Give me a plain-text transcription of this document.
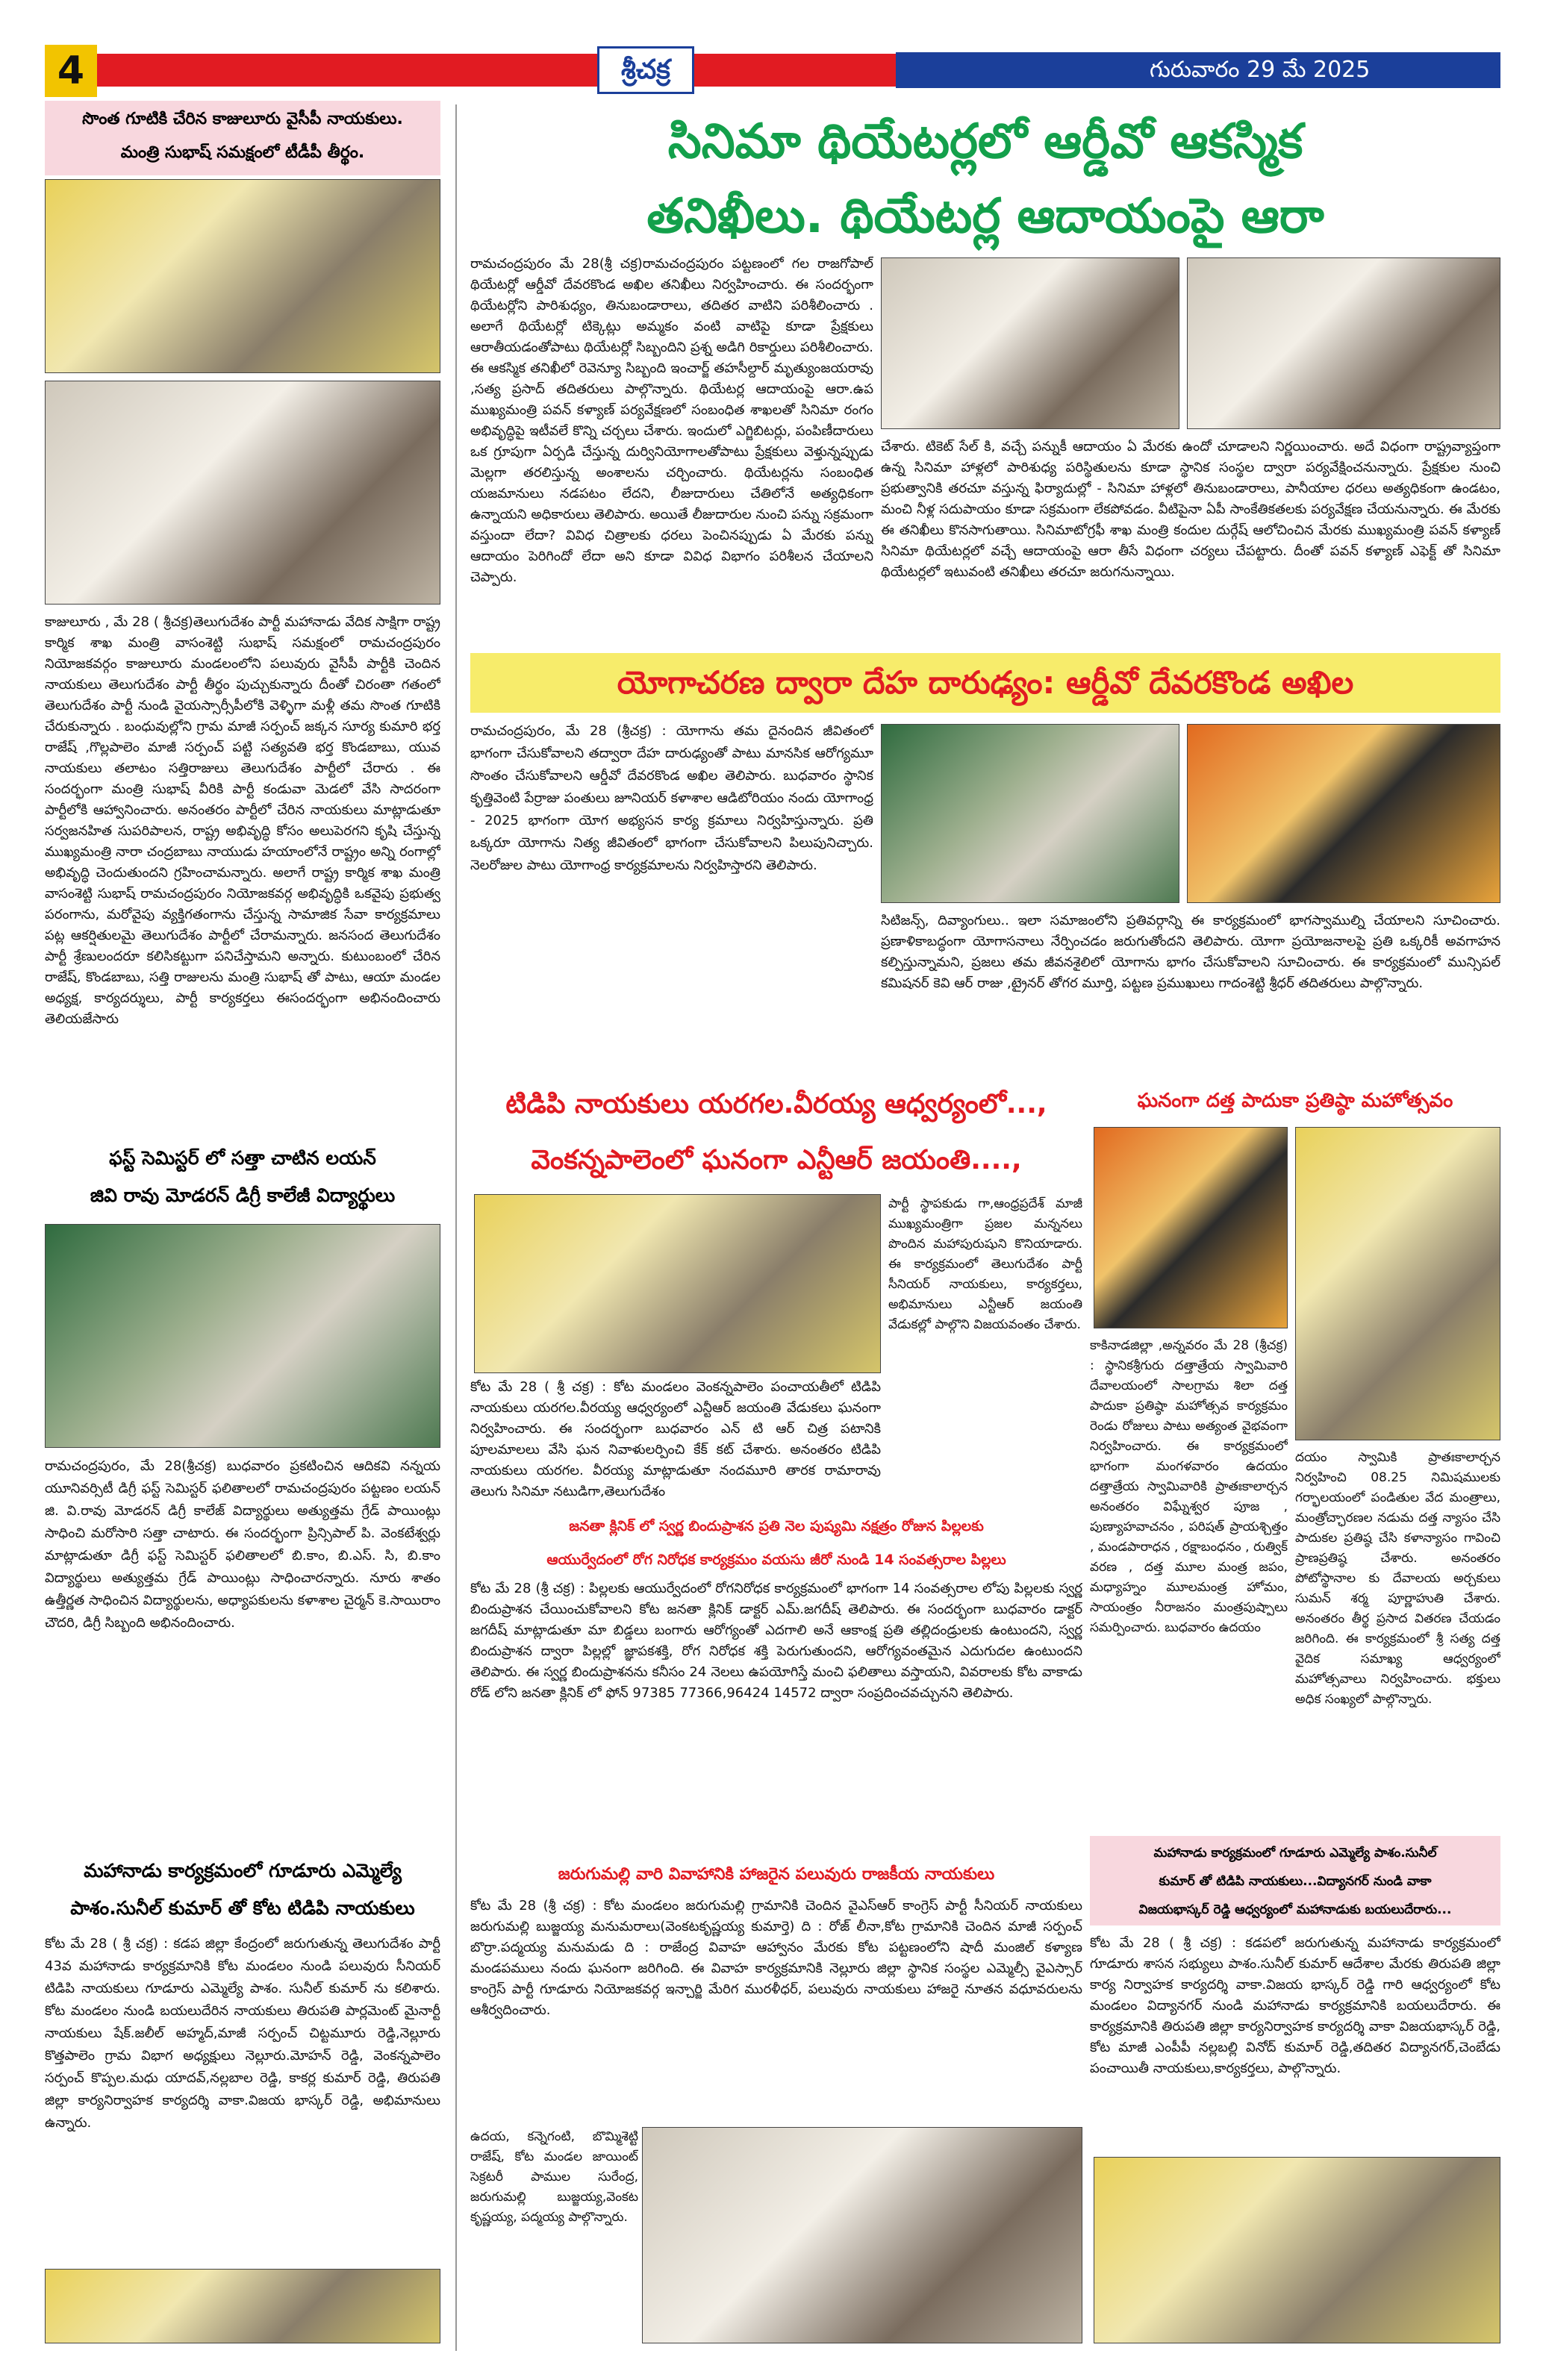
4	శ్రీచక్ర	గురువారం 29 మే 2025
సొంత గూటికి చేరిన కాజులూరు వైసీపీ నాయకులు.
మంత్రి సుభాష్ సమక్షంలో టీడీపీ తీర్థం.
కాజులూరు , మే 28 ( శ్రీచక్ర)తెలుగుదేశం పార్టీ మహానాడు వేదిక సాక్షిగా రాష్ట్ర కార్మిక శాఖ మంత్రి వాసంశెట్టి సుభాష్ సమక్షంలో రామచంద్రపురం నియోజకవర్గం కాజులూరు మండలంలోని పలువురు వైసీపీ పార్టీకి చెందిన నాయకులు తెలుగుదేశం పార్టీ తీర్థం పుచ్చుకున్నారు దీంతో చిరంతా గతంలో తెలుగుదేశం పార్టీ నుండి వైయస్సార్సీపీలోకి వెళ్ళిగా మళ్లీ తమ సొంత గూటికి చేరుకున్నారు . బంధువుల్లోని గ్రామ మాజీ సర్పంచ్ జక్కన సూర్య కుమారి భర్త రాజేష్ ,గొల్లపాలెం మాజీ సర్పంచ్ పట్టి సత్యవతి భర్త కొండబాబు, యువ నాయకులు తలాటం సత్తిరాజులు తెలుగుదేశం పార్టీలో చేరారు . ఈ సందర్భంగా మంత్రి సుభాష్ వీరికి పార్టీ కండువా మెడలో వేసి సాదరంగా పార్టీలోకి ఆహ్వానించారు. అనంతరం పార్టీలో చేరిన నాయకులు మాట్లాడుతూ సర్వజనహిత సుపరిపాలన, రాష్ట్ర అభివృద్ధి కోసం అలుపెరగని కృషి చేస్తున్న ముఖ్యమంత్రి నారా చంద్రబాబు నాయుడు హయాంలోనే రాష్ట్రం అన్ని రంగాల్లో అభివృద్ధి చెందుతుందని గ్రహించామన్నారు. అలాగే రాష్ట్ర కార్మిక శాఖ మంత్రి వాసంశెట్టి సుభాష్ రామచంద్రపురం నియోజకవర్గ అభివృద్ధికి ఒకవైపు ప్రభుత్వ పరంగాను, మరోవైపు వ్యక్తిగతంగాను చేస్తున్న సామాజిక సేవా కార్యక్రమాలు పట్ల ఆకర్షితులమై తెలుగుదేశం పార్టీలో చేరామన్నారు. జనసంద తెలుగుదేశం పార్టీ శ్రేణులందరూ కలిసికట్టుగా పనిచేస్తామని అన్నారు. కుటుంబంలో చేరిన రాజేష్, కొండబాబు, సత్తి రాజులను మంత్రి సుభాష్ తో పాటు, ఆయా మండల అధ్యక్ష, కార్యదర్శులు, పార్టీ కార్యకర్తలు ఈసందర్భంగా అభినందించారు తెలియజేసారు
ఫస్ట్ సెమిస్టర్ లో సత్తా చాటిన లయన్
జివి రావు మోడరన్ డిగ్రీ కాలేజీ విద్యార్థులు
రామచంద్రపురం, మే 28(శ్రీచక్ర) బుధవారం ప్రకటించిన ఆదికవి నన్నయ యూనివర్సిటీ డిగ్రీ ఫస్ట్ సెమిస్టర్ ఫలితాలలో రామచంద్రపురం పట్టణం లయన్ జి. వి.రావు మోడరన్ డిగ్రీ కాలేజ్ విద్యార్థులు అత్యుత్తమ గ్రేడ్ పాయింట్లు సాధించి మరోసారి సత్తా చాటారు. ఈ సందర్భంగా ప్రిన్సిపాల్ పి. వెంకటేశ్వర్లు మాట్లాడుతూ డిగ్రీ ఫస్ట్ సెమిస్టర్ ఫలితాలలో బి.కాం, బి.ఎస్. సి, బి.కాం విద్యార్థులు అత్యుత్తమ గ్రేడ్ పాయింట్లు సాధించారన్నారు. నూరు శాతం ఉత్తీర్ణత సాధించిన విద్యార్థులను, అధ్యాపకులను కళాశాల చైర్మన్ కె.సాయిరాం చౌదరి, డిగ్రీ సిబ్బంది అభినందించారు.
మహానాడు కార్యక్రమంలో గూడూరు ఎమ్మెల్యే
పాశం.సునీల్ కుమార్ తో కోట టిడిపి నాయకులు
కోట మే 28 ( శ్రీ చక్ర) : కడప జిల్లా కేంద్రంలో జరుగుతున్న తెలుగుదేశం పార్టీ 43వ మహానాడు కార్యక్రమానికి కోట మండలం నుండి పలువురు సీనియర్ టిడిపి నాయకులు గూడూరు ఎమ్మెల్యే పాశం. సునీల్ కుమార్ ను కలిశారు. కోట మండలం నుండి బయలుదేరిన నాయకులు తిరుపతి పార్లమెంట్ మైనార్టీ నాయకులు షేక్.జలీల్ అహ్మద్,మాజీ సర్పంచ్ చిట్టమూరు రెడ్డి,నెల్లూరు కొత్తపాలెం గ్రామ విభాగ అధ్యక్షులు నెల్లూరు.మోహన్ రెడ్డి, వెంకన్నపాలెం సర్పంచ్ కొప్పల.మధు యాదవ్,నల్లబాల రెడ్డి, కాకర్ల కుమార్ రెడ్డి, తిరుపతి జిల్లా కార్యనిర్వాహక కార్యదర్శి వాకా.విజయ భాస్కర్ రెడ్డి, అభిమానులు ఉన్నారు.
సినిమా థియేటర్లలో ఆర్డీవో ఆకస్మిక
తనిఖీలు. థియేటర్ల ఆదాయంపై ఆరా
రామచంద్రపురం మే 28(శ్రీ చక్ర)రామచంద్రపురం పట్టణంలో గల రాజగోపాల్ థియేటర్లో ఆర్డీవో దేవరకొండ అఖిల తనిఖీలు నిర్వహించారు. ఈ సందర్భంగా థియేటర్లోని పారిశుధ్యం, తినుబండారాలు, తదితర వాటిని పరిశీలించారు . అలాగే థియేటర్లో టిక్కెట్లు అమ్మకం వంటి వాటిపై కూడా ప్రేక్షకులు ఆరాతీయడంతోపాటు థియేటర్లో సిబ్బందిని ప్రశ్న అడిగి రికార్డులు పరిశీలించారు. ఈ ఆకస్మిక తనిఖీలో రెవెన్యూ సిబ్బంది ఇంచార్జ్ తహసీల్దార్ మృత్యుంజయరావు ,సత్య ప్రసాద్ తదితరులు పాల్గొన్నారు. థియేటర్ల ఆదాయంపై ఆరా.ఉప ముఖ్యమంత్రి పవన్ కళ్యాణ్ పర్యవేక్షణలో సంబంధిత శాఖలతో సినిమా రంగం అభివృద్ధిపై ఇటీవలే కొన్ని చర్చలు చేశారు. ఇందులో ఎగ్జిబిటర్లు, పంపిణీదారులు ఒక గ్రూపుగా ఏర్పడి చేస్తున్న దుర్వినియోగాలతోపాటు ప్రేక్షకులు వెళ్తున్నప్పుడు మెల్లగా తరలిస్తున్న అంశాలను చర్చించారు. థియేటర్లను సంబంధిత యజమానులు నడపటం లేదని, లీజుదారులు చేతిలోనే అత్యధికంగా ఉన్నాయని అధికారులు తెలిపారు. అయితే లీజుదారుల నుంచి పన్ను సక్రమంగా వస్తుందా లేదా? వివిధ చిత్రాలకు ధరలు పెంచినప్పుడు ఏ మేరకు పన్ను ఆదాయం పెరిగిందో లేదా అని కూడా వివిధ విభాగం పరిశీలన చేయాలని చెప్పారు.
చేశారు. టికెట్ సేల్ కి, వచ్చే పన్నుకీ ఆదాయం ఏ మేరకు ఉందో చూడాలని నిర్ణయించారు. అదే విధంగా రాష్ట్రవ్యాప్తంగా ఉన్న సినిమా హాళ్లలో పారిశుధ్య పరిస్థితులను కూడా స్థానిక సంస్థల ద్వారా పర్యవేక్షించనున్నారు. ప్రేక్షకుల నుంచి ప్రభుత్వానికి తరచూ వస్తున్న ఫిర్యాదుల్లో - సినిమా హాళ్లలో తినుబండారాలు, పానీయాల ధరలు అత్యధికంగా ఉండటం, మంచి నీళ్ల సదుపాయం కూడా సక్రమంగా లేకపోవడం. వీటిపైనా ఏపీ సాంకేతికతలకు పర్యవేక్షణ చేయనున్నారు. ఈ మేరకు ఈ తనిఖీలు కొనసాగుతాయి. సినిమాటోగ్రఫీ శాఖ మంత్రి కందుల దుర్గేష్ ఆలోచించిన మేరకు ముఖ్యమంత్రి పవన్ కళ్యాణ్ సినిమా థియేటర్లలో వచ్చే ఆదాయంపై ఆరా తీసే విధంగా చర్యలు చేపట్టారు. దీంతో పవన్ కళ్యాణ్ ఎఫెక్ట్ తో సినిమా థియేటర్లలో ఇటువంటి తనిఖీలు తరచూ జరుగనున్నాయి.
యోగాచరణ ద్వారా దేహ దారుఢ్యం: ఆర్డీవో దేవరకొండ అఖిల
రామచంద్రపురం, మే 28 (శ్రీచక్ర) : యోగాను తమ దైనందిన జీవితంలో భాగంగా చేసుకోవాలని తద్వారా దేహ దారుఢ్యంతో పాటు మానసిక ఆరోగ్యమూ సొంతం చేసుకోవాలని ఆర్డీవో దేవరకొండ అఖిల తెలిపారు. బుధవారం స్థానిక కృత్తివెంటి పేర్రాజు పంతులు జూనియర్ కళాశాల ఆడిటోరియం నందు యోగాంధ్ర - 2025 భాగంగా యోగ అభ్యసన కార్య క్రమాలు నిర్వహిస్తున్నారు. ప్రతి ఒక్కరూ యోగాను నిత్య జీవితంలో భాగంగా చేసుకోవాలని పిలుపునిచ్చారు. నెలరోజుల పాటు యోగాంధ్ర కార్యక్రమాలను నిర్వహిస్తారని తెలిపారు.
సిటిజన్స్, దివ్యాంగులు.. ఇలా సమాజంలోని ప్రతివర్గాన్ని ఈ కార్యక్రమంలో భాగస్వాముల్ని చేయాలని సూచించారు. ప్రణాళికాబద్ధంగా యోగాసనాలు నేర్పించడం జరుగుతోందని తెలిపారు. యోగా ప్రయోజనాలపై ప్రతి ఒక్కరికీ అవగాహన కల్పిస్తున్నామని, ప్రజలు తమ జీవనశైలిలో యోగాను భాగం చేసుకోవాలని సూచించారు. ఈ కార్యక్రమంలో మున్సిపల్ కమిషనర్ కెవి ఆర్ రాజు ,ట్రైనర్ తోగర మూర్తి, పట్టణ ప్రముఖులు గాదంశెట్టి శ్రీధర్ తదితరులు పాల్గొన్నారు.
టిడిపి నాయకులు యరగల.వీరయ్య ఆధ్వర్యంలో...,
వెంకన్నపాలెంలో ఘనంగా ఎన్టీఆర్ జయంతి....,
పార్టీ స్థాపకుడు గా,ఆంధ్రప్రదేశ్ మాజీ ముఖ్యమంత్రిగా ప్రజల మన్ననలు పొందిన మహాపురుషుని కొనియాడారు. ఈ కార్యక్రమంలో తెలుగుదేశం పార్టీ సీనియర్ నాయకులు, కార్యకర్తలు, అభిమానులు ఎన్టీఆర్ జయంతి వేడుకల్లో పాల్గొని విజయవంతం చేశారు.
కోట మే 28 ( శ్రీ చక్ర) : కోట మండలం వెంకన్నపాలెం పంచాయతీలో టిడిపి నాయకులు యరగల.వీరయ్య ఆధ్వర్యంలో ఎన్టీఆర్ జయంతి వేడుకలు ఘనంగా నిర్వహించారు. ఈ సందర్భంగా బుధవారం ఎన్ టి ఆర్ చిత్ర పటానికి పూలమాలలు వేసి ఘన నివాళులర్పించి కేక్ కట్ చేశారు. అనంతరం టిడిపి నాయకులు యరగల. వీరయ్య మాట్లాడుతూ నందమూరి తారక రామారావు తెలుగు సినిమా నటుడిగా,తెలుగుదేశం
జనతా క్లినిక్ లో స్వర్ణ బిందుప్రాశన ప్రతి నెల పుష్యమి నక్షత్రం రోజున పిల్లలకు
ఆయుర్వేదంలో రోగ నిరోధక కార్యక్రమం వయసు జీరో నుండి 14 సంవత్సరాల పిల్లలు
కోట మే 28 (శ్రీ చక్ర) : పిల్లలకు ఆయుర్వేదంలో రోగనిరోధక కార్యక్రమంలో భాగంగా 14 సంవత్సరాల లోపు పిల్లలకు స్వర్ణ బిందుప్రాశన చేయించుకోవాలని కోట జనతా క్లినిక్ డాక్టర్ ఎమ్.జగదీష్ తెలిపారు. ఈ సందర్భంగా బుధవారం డాక్టర్ జగదీష్ మాట్లాడుతూ మా బిడ్డలు బంగారు ఆరోగ్యంతో ఎదగాలి అనే ఆకాంక్ష ప్రతి తల్లిదండ్రులకు ఉంటుందని, స్వర్ణ బిందుప్రాశన ద్వారా పిల్లల్లో జ్ఞాపకశక్తి, రోగ నిరోధక శక్తి పెరుగుతుందని, ఆరోగ్యవంతమైన ఎదుగుదల ఉంటుందని తెలిపారు. ఈ స్వర్ణ బిందుప్రాశనను కనీసం 24 నెలలు ఉపయోగిస్తే మంచి ఫలితాలు వస్తాయని, వివరాలకు కోట వాకాడు రోడ్ లోని జనతా క్లినిక్ లో ఫోన్ 97385 77366,96424 14572 ద్వారా సంప్రదించవచ్చునని తెలిపారు.
జరుగుమల్లి వారి వివాహానికి హాజరైన పలువురు రాజకీయ నాయకులు
కోట మే 28 (శ్రీ చక్ర) : కోట మండలం జరుగుమల్లి గ్రామానికి చెందిన వైఎస్ఆర్ కాంగ్రెస్ పార్టీ సీనియర్ నాయకులు జరుగుమల్లి బుజ్జయ్య మనుమరాలు(వెంకటకృష్ణయ్య కుమార్తె) ది : రోజ్ లీనా,కోట గ్రామానికి చెందిన మాజీ సర్పంచ్ బొర్రా.పద్మయ్య మనుమడు ది : రాజేంద్ర వివాహ ఆహ్వానం మేరకు కోట పట్టణంలోని షాదీ మంజిల్ కళ్యాణ మండపములు నందు ఘనంగా జరిగింది. ఈ వివాహ కార్యక్రమానికి నెల్లూరు జిల్లా స్థానిక సంస్థల ఎమ్మెల్సీ వైఎస్సార్ కాంగ్రెస్ పార్టీ గూడూరు నియోజకవర్గ ఇన్చార్జి మేరిగ మురళీధర్, పలువురు నాయకులు హాజరై నూతన వధూవరులను ఆశీర్వదించారు.
ఉదయ, కన్నెగంటి, బొమ్మిశెట్టి రాజేష్, కోట మండల జాయింట్ సెక్రటరీ పాముల సురేంద్ర, జరుగుమల్లి బుజ్జయ్య,వెంకట కృష్ణయ్య, పద్మయ్య పాల్గొన్నారు.
ఘనంగా దత్త పాదుకా ప్రతిష్ఠా మహోత్సవం
కాకినాడజిల్లా ,అన్నవరం మే 28 (శ్రీచక్ర) : స్థానికశ్రీగురు దత్తాత్రేయ స్వామివారి దేవాలయంలో సాలగ్రామ శిలా దత్త పాదుకా ప్రతిష్ఠా మహోత్సవ కార్యక్రమం రెండు రోజులు పాటు అత్యంత వైభవంగా నిర్వహించారు. ఈ కార్యక్రమంలో భాగంగా మంగళవారం ఉదయం దత్తాత్రేయ స్వామివారికి ప్రాతఃకాలార్చన అనంతరం విఘ్నేశ్వర పూజ , పుణ్యాహవాచనం , పరిషత్ ప్రాయశ్చిత్తం , మండపారాధన , రక్షాబంధనం , రుత్విక్ వరణ , దత్త మూల మంత్ర జపం, మధ్యాహ్నం మూలమంత్ర హోమం, సాయంత్రం నీరాజనం మంత్రపుష్పాలు సమర్పించారు. బుధవారం ఉదయం
దయం స్వామికి ప్రాతఃకాలార్చన నిర్వహించి 08.25 నిమిషములకు గర్భాలయంలో పండితుల వేద మంత్రాలు, మంత్రోచ్ఛారణల నడుమ దత్త న్యాసం చేసి పాదుకల ప్రతిష్ఠ చేసి కళాన్యాసం గావించి ప్రాణప్రతిష్ఠ చేశారు. అనంతరం పోటోస్థానాల కు దేవాలయ అర్చకులు సుమన్ శర్మ పూర్ణాహుతి చేశారు. అనంతరం తీర్థ ప్రసాద వితరణ చేయడం జరిగింది. ఈ కార్యక్రమంలో శ్రీ సత్య దత్త వైదిక సమాఖ్య ఆధ్వర్యంలో మహోత్సవాలు నిర్వహించారు. భక్తులు అధిక సంఖ్యలో పాల్గొన్నారు.
మహానాడు కార్యక్రమంలో గూడూరు ఎమ్మెల్యే పాశం.సునీల్
కుమార్ తో టిడిపి నాయకులు...విద్యానగర్ నుండి వాకా
విజయభాస్కర్ రెడ్డి ఆధ్వర్యంలో మహానాడుకు బయలుదేరారు...
కోట మే 28 ( శ్రీ చక్ర) : కడపలో జరుగుతున్న మహానాడు కార్యక్రమంలో గూడూరు శాసన సభ్యులు పాశం.సునీల్ కుమార్ ఆదేశాల మేరకు తిరుపతి జిల్లా కార్య నిర్వాహక కార్యదర్శి వాకా.విజయ భాస్కర్ రెడ్డి గారి ఆధ్వర్యంలో కోట మండలం విద్యానగర్ నుండి మహానాడు కార్యక్రమానికి బయలుదేరారు. ఈ కార్యక్రమానికి తిరుపతి జిల్లా కార్యనిర్వాహక కార్యదర్శి వాకా విజయభాస్కర్ రెడ్డి, కోట మాజీ ఎంపీపీ నల్లబల్లి వినోద్ కుమార్ రెడ్డి,తదితర విద్యానగర్,చెంబేడు పంచాయితీ నాయకులు,కార్యకర్తలు, పాల్గొన్నారు.
